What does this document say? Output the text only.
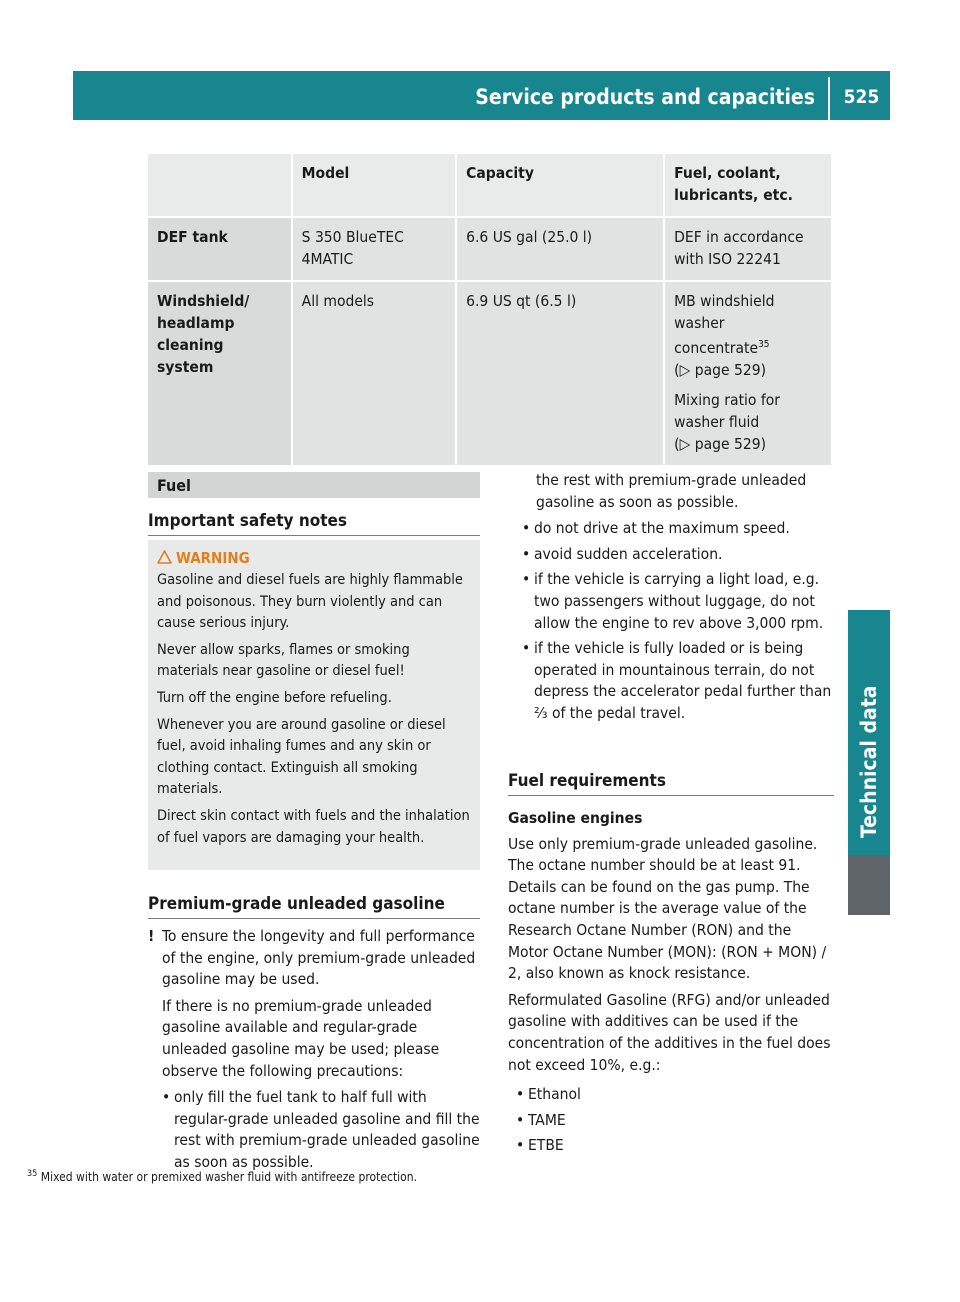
Service products and capacities	525
Technical data
	Model	Capacity	Fuel, coolant, lubricants, etc.
DEF tank	S 350 BlueTEC 4MATIC	6.6 US gal (25.0 l)	DEF in accordance with ISO 22241
Windshield/ headlamp cleaning system	All models	6.9 US qt (6.5 l)	MB windshield washer concentrate$^{35}$
(▷ page 529)
Mixing ratio for washer fluid
(▷ page 529)
Fuel
Important safety notes
WARNING

Gasoline and diesel fuels are highly flammable and poisonous. They burn violently and can cause serious injury.

Never allow sparks, flames or smoking materials near gasoline or diesel fuel!

Turn off the engine before refueling.

Whenever you are around gasoline or diesel fuel, avoid inhaling fumes and any skin or clothing contact. Extinguish all smoking materials.

Direct skin contact with fuels and the inhalation of fuel vapors are damaging your health.

Premium-grade unleaded gasoline

! To ensure the longevity and full performance of the engine, only premium-grade unleaded gasoline may be used.

If there is no premium-grade unleaded gasoline available and regular-grade unleaded gasoline may be used; please observe the following precautions:

• only fill the fuel tank to half full with regular-grade unleaded gasoline and fill the rest with premium-grade unleaded gasoline as soon as possible.
the rest with premium-grade unleaded gasoline as soon as possible.
• do not drive at the maximum speed.
• avoid sudden acceleration.
• if the vehicle is carrying a light load, e.g. two passengers without luggage, do not allow the engine to rev above 3,000 rpm.
• if the vehicle is fully loaded or is being operated in mountainous terrain, do not depress the accelerator pedal further than ⅔ of the pedal travel.
Fuel requirements
Gasoline engines

Use only premium-grade unleaded gasoline. The octane number should be at least 91. Details can be found on the gas pump. The octane number is the average value of the Research Octane Number (RON) and the Motor Octane Number (MON): (RON + MON) / 2, also known as knock resistance.

Reformulated Gasoline (RFG) and/or unleaded gasoline with additives can be used if the concentration of the additives in the fuel does not exceed 10%, e.g.:

• Ethanol
• TAME
• ETBE
$^{35}$ Mixed with water or premixed washer fluid with antifreeze protection.
